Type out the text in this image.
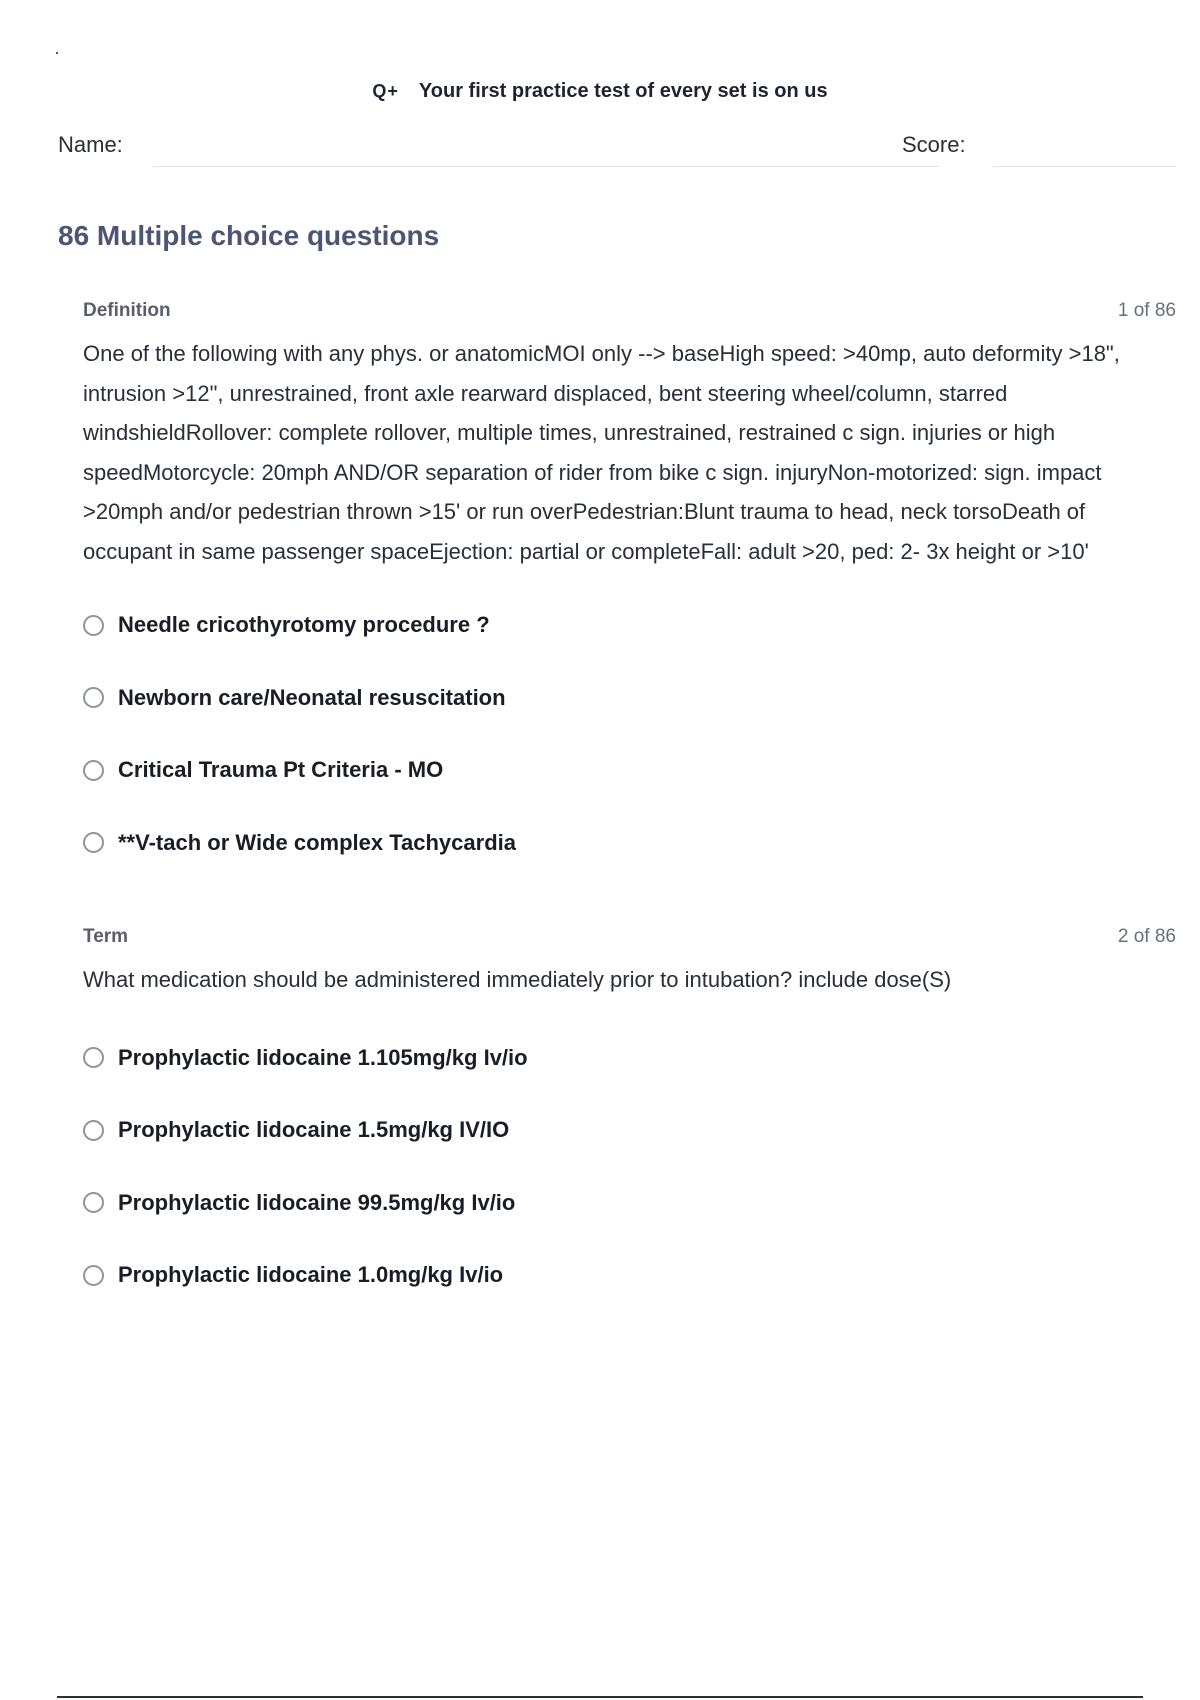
Q+ Your first practice test of every set is on us
Name:	Score:
86 Multiple choice questions
Definition	1 of 86
One of the following with any phys. or anatomicMOI only --> baseHigh speed: >40mp, auto deformity >18", intrusion >12", unrestrained, front axle rearward displaced, bent steering wheel/column, starred windshieldRollover: complete rollover, multiple times, unrestrained, restrained c sign. injuries or high speedMotorcycle: 20mph AND/OR separation of rider from bike c sign. injuryNon-motorized: sign. impact >20mph and/or pedestrian thrown >15' or run overPedestrian:Blunt trauma to head, neck torsoDeath of occupant in same passenger spaceEjection: partial or completeFall: adult >20, ped: 2- 3x height or >10'
Needle cricothyrotomy procedure ?
Newborn care/Neonatal resuscitation
Critical Trauma Pt Criteria - MO
**V-tach or Wide complex Tachycardia
Term	2 of 86
What medication should be administered immediately prior to intubation? include dose(S)
Prophylactic lidocaine 1.105mg/kg Iv/io
Prophylactic lidocaine 1.5mg/kg IV/IO
Prophylactic lidocaine 99.5mg/kg Iv/io
Prophylactic lidocaine 1.0mg/kg Iv/io
